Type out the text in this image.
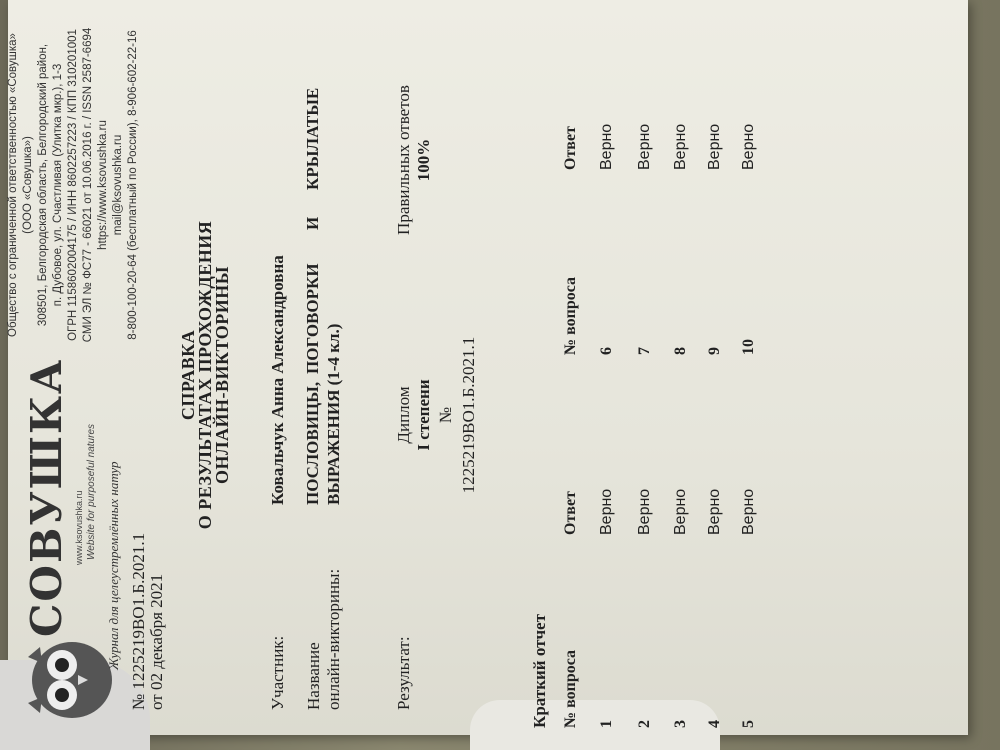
СОВУШКА www.ksovushka.ru Website for purposeful natures Журнал для целеустремлённых натур
Общество с ограниченной ответственностью «Совушка» (ООО «Совушка») 308501, Белгородская область, Белгородский район, п. Дубовое, ул. Счастливая (Улитка мкр.), 1-3 ОГРН 1158602004175 / ИНН 8602257223 / КПП 310201001 СМИ ЭЛ № ФС77 - 66021 от 10.06.2016 г. / ISSN 2587-6694 https://www.ksovushka.ru mail@ksovushka.ru 8-800-100-20-64 (бесплатный по России), 8-906-602-22-16
№ 1225219ВО1.Б.2021.1 от 02 декабря 2021
СПРАВКА
О РЕЗУЛЬТАТАХ ПРОХОЖДЕНИЯ
ОНЛАЙН-ВИКТОРИНЫ
Участник:
Ковальчук Анна Александровна
Название онлайн-викторины:
ПОСЛОВИЦЫ,
ПОГОВОРКИ
И
КРЫЛАТЫЕ
ВЫРАЖЕНИЯ (1-4 кл.)
Результат:
Диплом I степени № 1225219ВО1.Б.2021.1
Правильных ответов 100%
Краткий отчет № вопроса
Ответ
№ вопроса
Ответ
1
Верно
2
Верно
3
Верно
4
Верно
5
Верно
6
Верно
7
Верно
8
Верно
9
Верно
10
Верно
